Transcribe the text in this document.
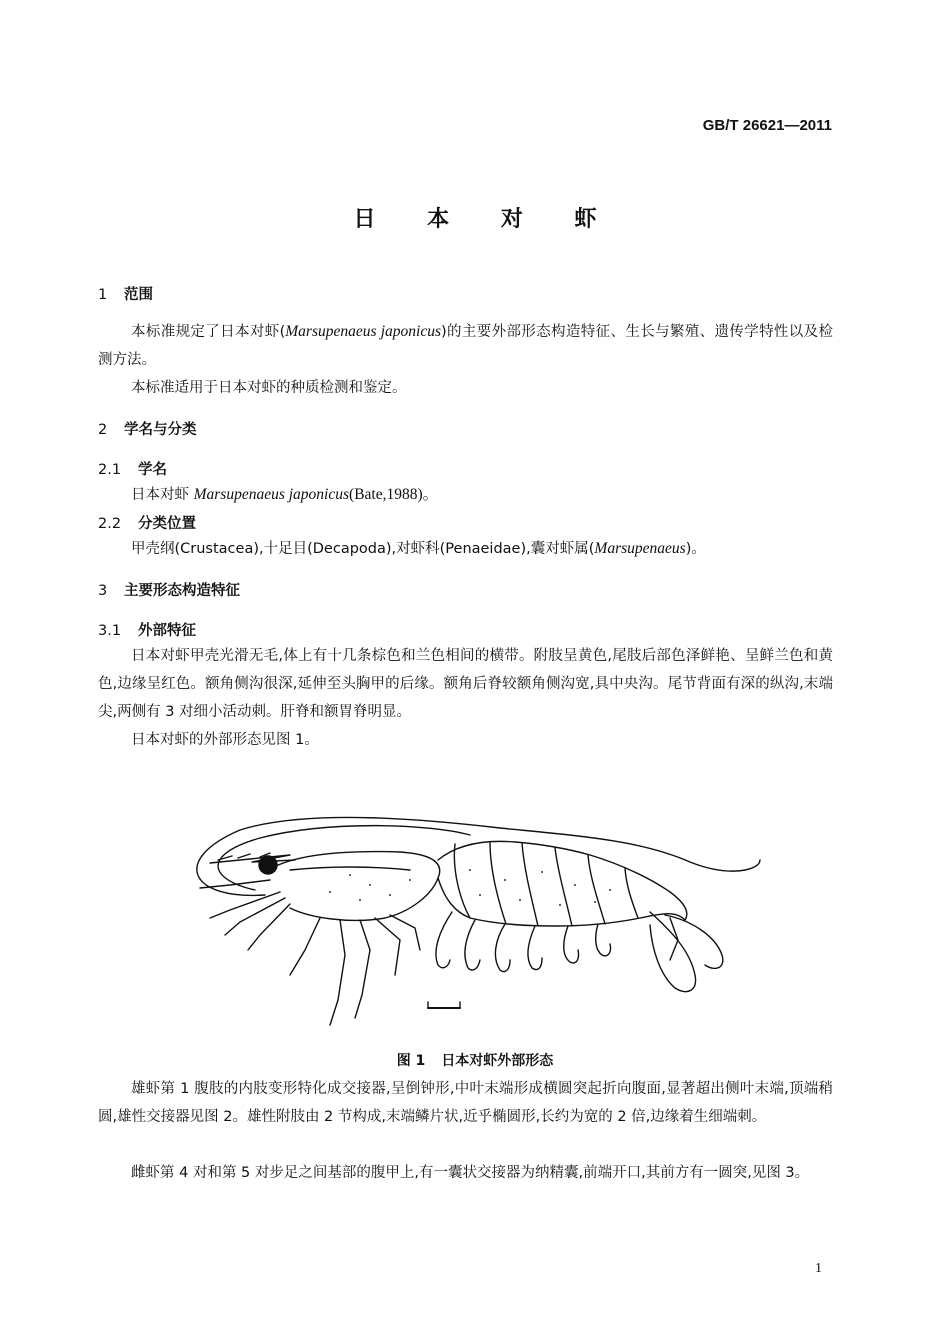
GB/T 26621—2011
日 本 对 虾
1 范围
本标准规定了日本对虾(Marsupenaeus japonicus)的主要外部形态构造特征、生长与繁殖、遗传学特性以及检测方法。
本标准适用于日本对虾的种质检测和鉴定。
2 学名与分类
2.1 学名
日本对虾 Marsupenaeus japonicus(Bate,1988)。
2.2 分类位置
甲壳纲(Crustacea),十足目(Decapoda),对虾科(Penaeidae),囊对虾属(Marsupenaeus)。
3 主要形态构造特征
3.1 外部特征
日本对虾甲壳光滑无毛,体上有十几条棕色和兰色相间的横带。附肢呈黄色,尾肢后部色泽鲜艳、呈鲜兰色和黄色,边缘呈红色。额角侧沟很深,延伸至头胸甲的后缘。额角后脊较额角侧沟宽,具中央沟。尾节背面有深的纵沟,末端尖,两侧有 3 对细小活动刺。肝脊和额胃脊明显。
日本对虾的外部形态见图 1。
图 1 日本对虾外部形态
雄虾第 1 腹肢的内肢变形特化成交接器,呈倒钟形,中叶末端形成横圆突起折向腹面,显著超出侧叶末端,顶端稍圆,雄性交接器见图 2。雄性附肢由 2 节构成,末端鳞片状,近乎椭圆形,长约为宽的 2 倍,边缘着生细端刺。
雌虾第 4 对和第 5 对步足之间基部的腹甲上,有一囊状交接器为纳精囊,前端开口,其前方有一圆突,见图 3。
1
